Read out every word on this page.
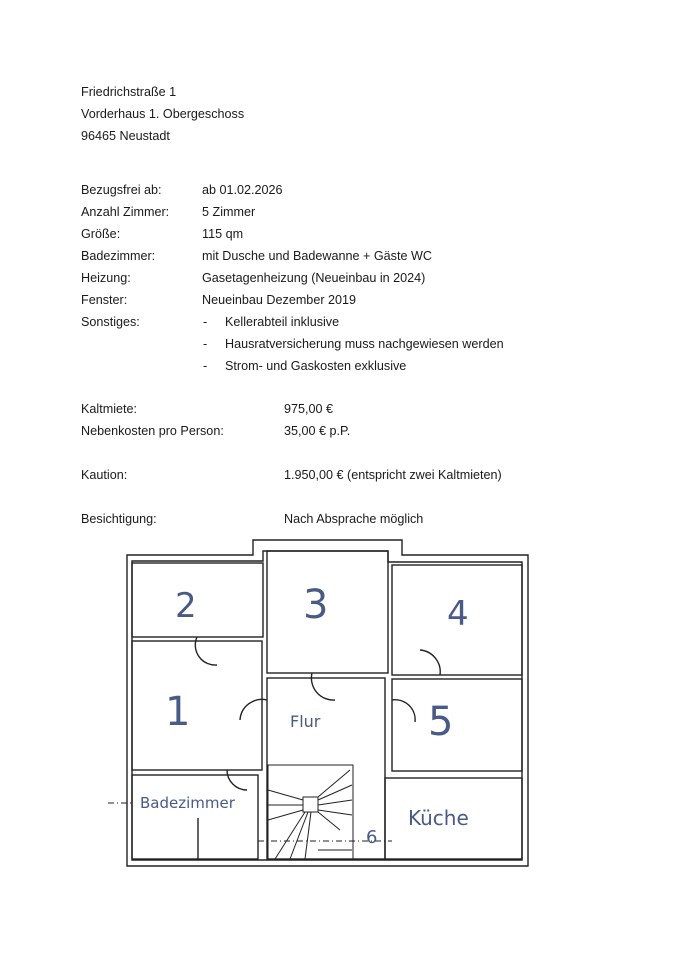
Friedrichstraße 1
Vorderhaus 1. Obergeschoss
96465 Neustadt
Bezugsfrei ab:	ab 01.02.2026
Anzahl Zimmer:	5 Zimmer
Größe:	115 qm
Badezimmer:	mit Dusche und Badewanne + Gäste WC
Heizung:	Gasetagenheizung (Neueinbau in 2024)
Fenster:	Neueinbau Dezember 2019
Sonstiges:	- Kellerabteil inklusive
- Hausratversicherung muss nachgewiesen werden
- Strom- und Gaskosten exklusive
Kaltmiete:	975,00 €
Nebenkosten pro Person:	35,00 € p.P.
Kaution:	1.950,00 € (entspricht zwei Kaltmieten)
Besichtigung:	Nach Absprache möglich
2	3	4
1	5
Flur
Badezimmer
Küche
6
